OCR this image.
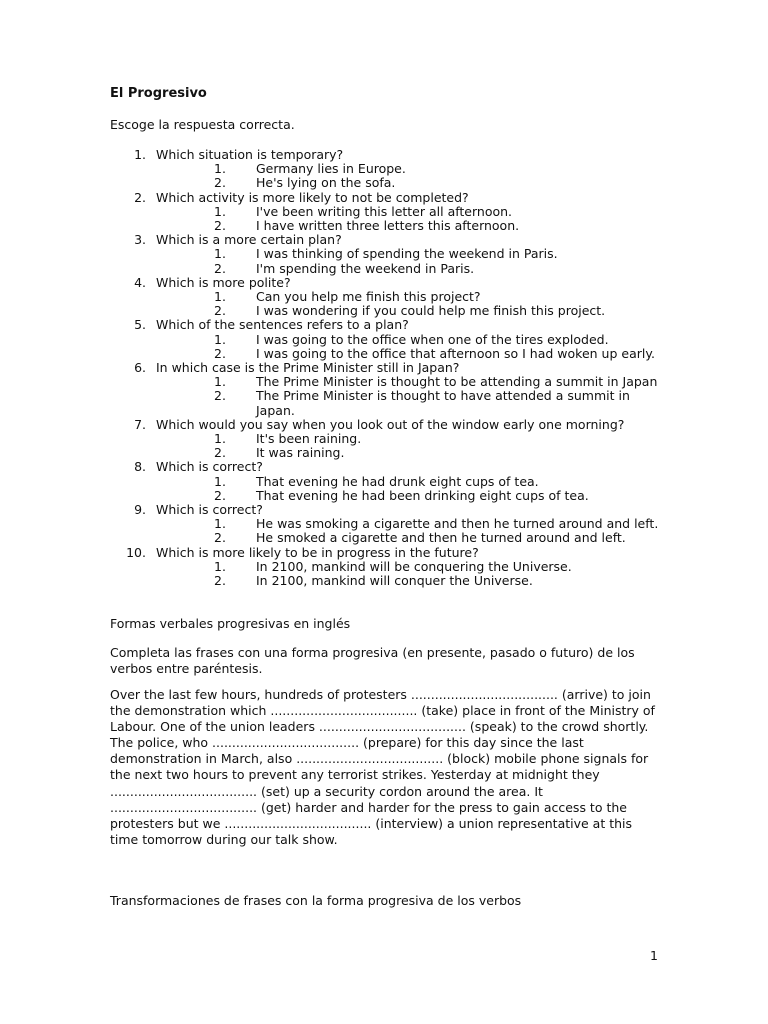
El Progresivo

Escoge la respuesta correcta.

1. Which situation is temporary?
1.	Germany lies in Europe.
2.	He's lying on the sofa.
2. Which activity is more likely to not be completed?
1.	I've been writing this letter all afternoon.
2.	I have written three letters this afternoon.
3. Which is a more certain plan?
1.	I was thinking of spending the weekend in Paris.
2.	I'm spending the weekend in Paris.
4. Which is more polite?
1.	Can you help me finish this project?
2.	I was wondering if you could help me finish this project.
5. Which of the sentences refers to a plan?
1.	I was going to the office when one of the tires exploded.
2.	I was going to the office that afternoon so I had woken up early.
6. In which case is the Prime Minister still in Japan?
1.	The Prime Minister is thought to be attending a summit in Japan
2.	The Prime Minister is thought to have attended a summit in Japan.
7. Which would you say when you look out of the window early one morning?
1.	It's been raining.
2.	It was raining.
8. Which is correct?
1.	That evening he had drunk eight cups of tea.
2.	That evening he had been drinking eight cups of tea.
9. Which is correct?
1.	He was smoking a cigarette and then he turned around and left.
2.	He smoked a cigarette and then he turned around and left.
10. Which is more likely to be in progress in the future?
1.	In 2100, mankind will be conquering the Universe.
2.	In 2100, mankind will conquer the Universe.

Formas verbales progresivas en inglés

Completa las frases con una forma progresiva (en presente, pasado o futuro) de los verbos entre paréntesis.

Over the last few hours, hundreds of protesters ..................................... (arrive) to join the demonstration which ..................................... (take) place in front of the Ministry of Labour. One of the union leaders ..................................... (speak) to the crowd shortly. The police, who ..................................... (prepare) for this day since the last demonstration in March, also ..................................... (block) mobile phone signals for the next two hours to prevent any terrorist strikes. Yesterday at midnight they ..................................... (set) up a security cordon around the area. It ..................................... (get) harder and harder for the press to gain access to the protesters but we ..................................... (interview) a union representative at this time tomorrow during our talk show.

Transformaciones de frases con la forma progresiva de los verbos
1
